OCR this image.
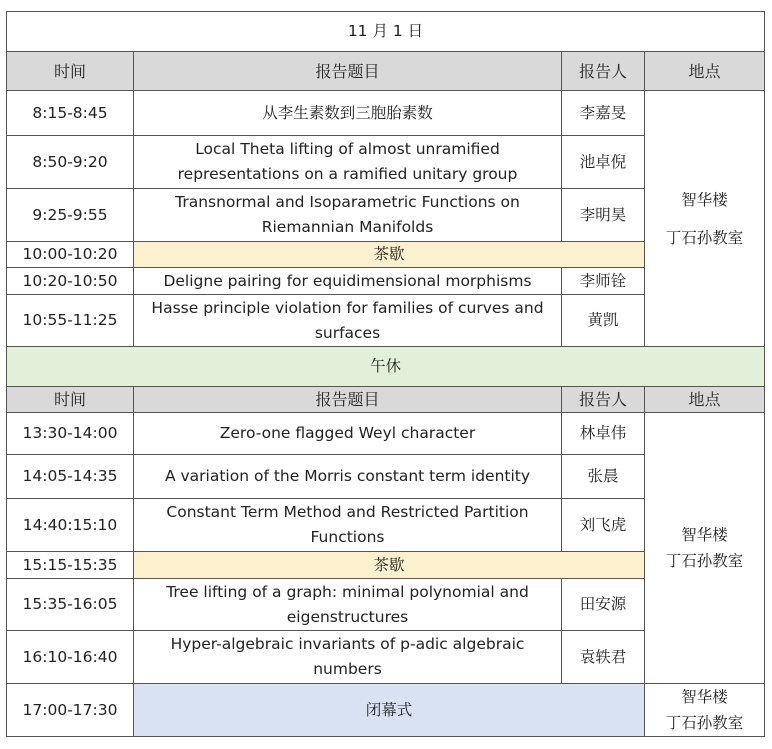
11 月 1 日			
时间	报告题目	报告人	地点
8:15-8:45	从李生素数到三胞胎素数	李嘉旻	智华楼
丁石孙教室

8:50-9:20	Local Theta lifting of almost unramified representations on a ramified unitary group	池卓倪	
9:25-9:55	Transnormal and Isoparametric Functions on Riemannian Manifolds	李明昊	
10:00-10:20	茶歇		
10:20-10:50	Deligne pairing for equidimensional morphisms	李师铨	
10:55-11:25	Hasse principle violation for families of curves and surfaces	黄凯	
午休			
时间	报告题目	报告人	地点
13:30-14:00	Zero-one flagged Weyl character	林卓伟	智华楼
丁石孙教室

14:05-14:35	A variation of the Morris constant term identity	张晨	
14:40:15:10	Constant Term Method and Restricted Partition Functions	刘飞虎	
15:15-15:35	茶歇		
15:35-16:05	Tree lifting of a graph: minimal polynomial and eigenstructures	田安源	
16:10-16:40	Hyper-algebraic invariants of p-adic algebraic numbers	袁轶君	
17:00-17:30	闭幕式		智华楼
丁石孙教室
